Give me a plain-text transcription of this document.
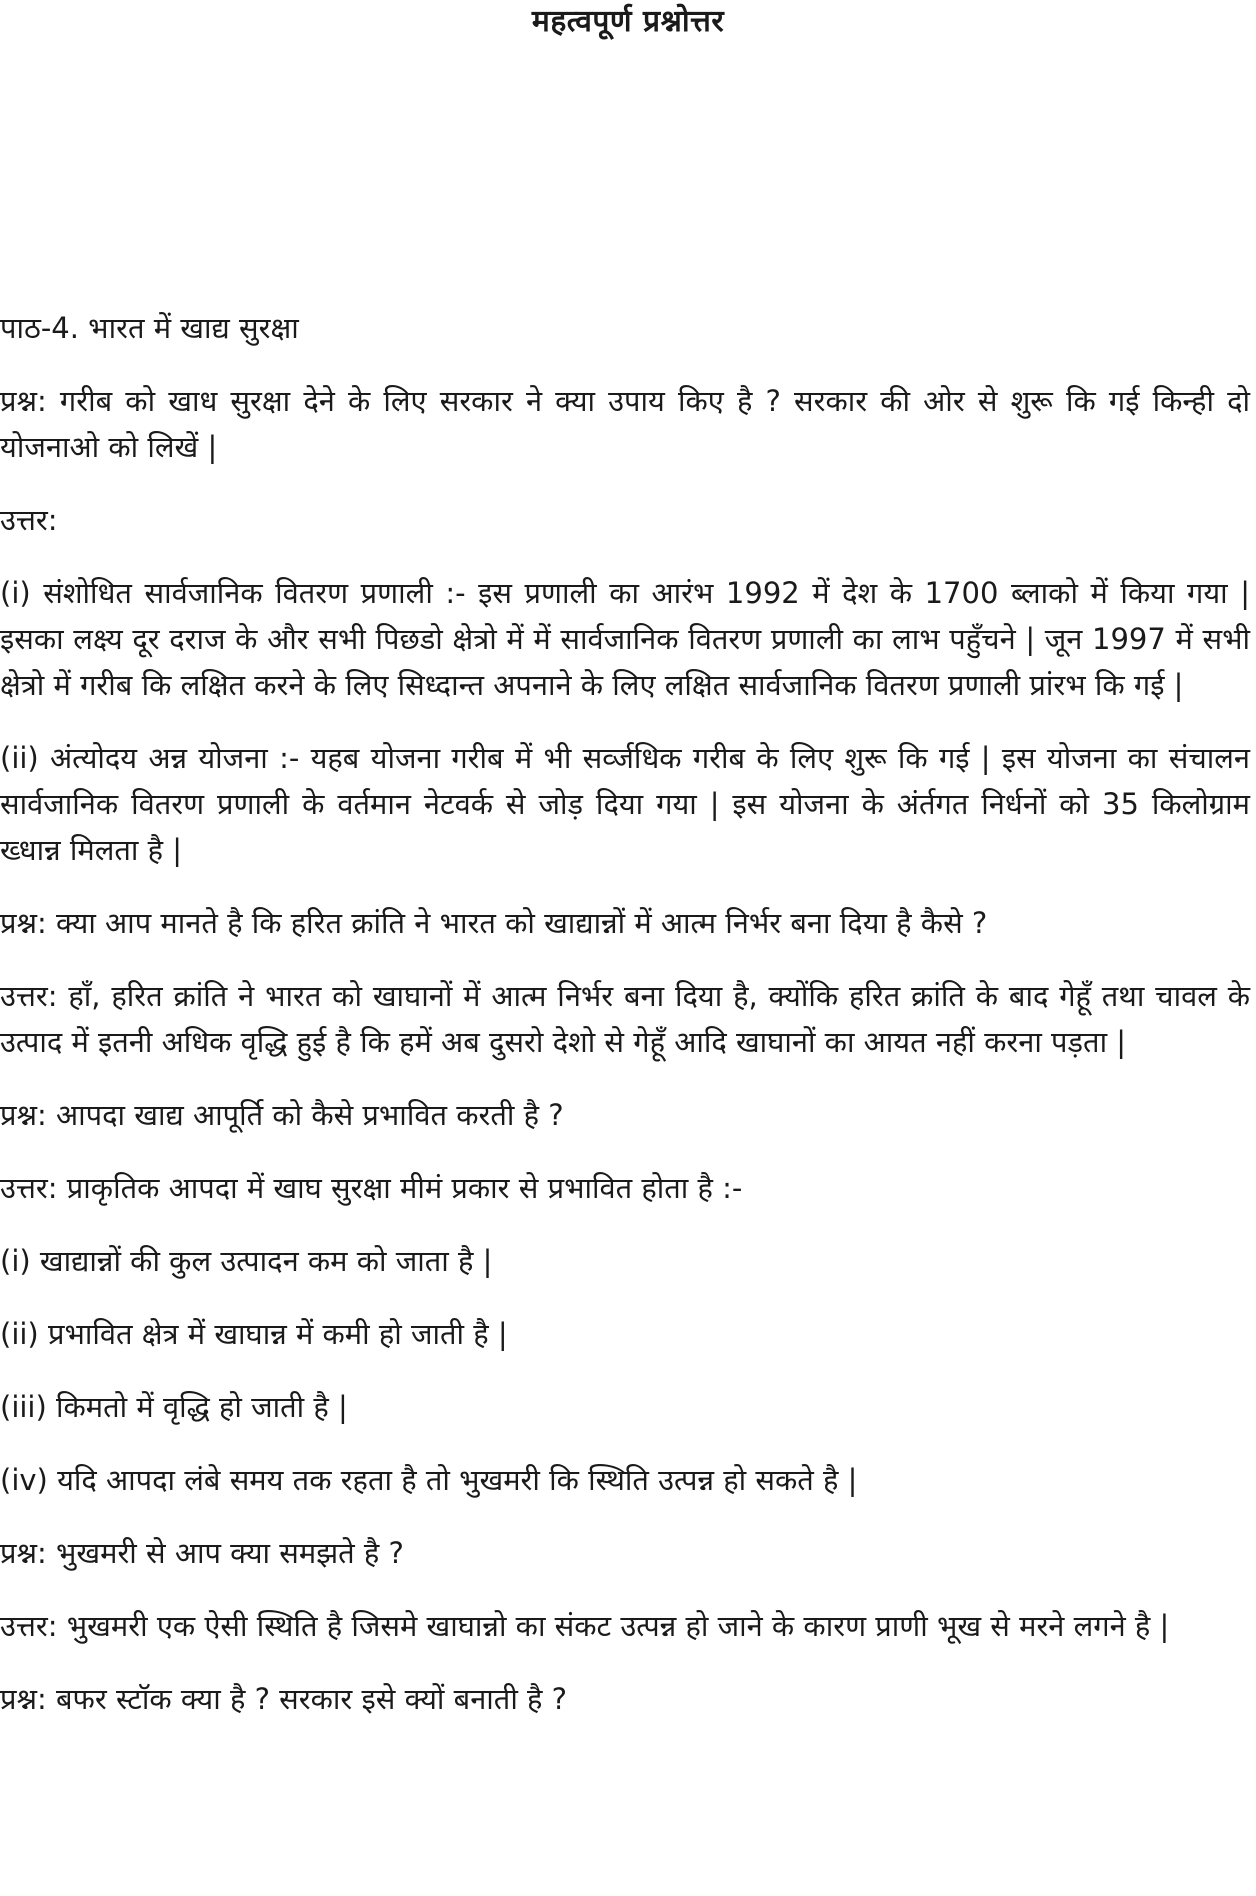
महत्वपूर्ण प्रश्नोत्तर

पाठ-4. भारत में खाद्य सुरक्षा

प्रश्न: गरीब को खाध सुरक्षा देने के लिए सरकार ने क्या उपाय किए है ? सरकार की ओर से शुरू कि गई किन्ही दो योजनाओ को लिखें |

उत्तर:

(i) संशोधित सार्वजानिक वितरण प्रणाली :- इस प्रणाली का आरंभ 1992 में देश के 1700 ब्लाको में किया गया | इसका लक्ष्य दूर दराज के और सभी पिछडो क्षेत्रो में में सार्वजानिक वितरण प्रणाली का लाभ पहुँचने | जून 1997 में सभी क्षेत्रो में गरीब कि लक्षित करने के लिए सिध्दान्त अपनाने के लिए लक्षित सार्वजानिक वितरण प्रणाली प्रांरभ कि गई |

(ii) अंत्योदय अन्न योजना :- यहब योजना गरीब में भी सर्व्जधिक गरीब के लिए शुरू कि गई | इस योजना का संचालन सार्वजानिक वितरण प्रणाली के वर्तमान नेटवर्क से जोड़ दिया गया | इस योजना के अंर्तगत निर्धनों को 35 किलोग्राम ख्धान्न मिलता है |

प्रश्न: क्या आप मानते है कि हरित क्रांति ने भारत को खाद्यान्नों में आत्म निर्भर बना दिया है कैसे ?

उत्तर: हाँ, हरित क्रांति ने भारत को खाघानों में आत्म निर्भर बना दिया है, क्योंकि हरित क्रांति के बाद गेहूँ तथा चावल के उत्पाद में इतनी अधिक वृद्धि हुई है कि हमें अब दुसरो देशो से गेहूँ आदि खाघानों का आयत नहीं करना पड़ता |

प्रश्न: आपदा खाद्य आपूर्ति को कैसे प्रभावित करती है ?

उत्तर: प्राकृतिक आपदा में खाघ सुरक्षा मीमं प्रकार से प्रभावित होता है :-

(i) खाद्यान्नों की कुल उत्पादन कम को जाता है |

(ii) प्रभावित क्षेत्र में खाघान्न में कमी हो जाती है |

(iii) किमतो में वृद्धि हो जाती है |

(iv) यदि आपदा लंबे समय तक रहता है तो भुखमरी कि स्थिति उत्पन्न हो सकते है |

प्रश्न: भुखमरी से आप क्या समझते है ?

उत्तर: भुखमरी एक ऐसी स्थिति है जिसमे खाघान्नो का संकट उत्पन्न हो जाने के कारण प्राणी भूख से मरने लगने है |

प्रश्न: बफर स्टॉक क्या है ? सरकार इसे क्यों बनाती है ?
